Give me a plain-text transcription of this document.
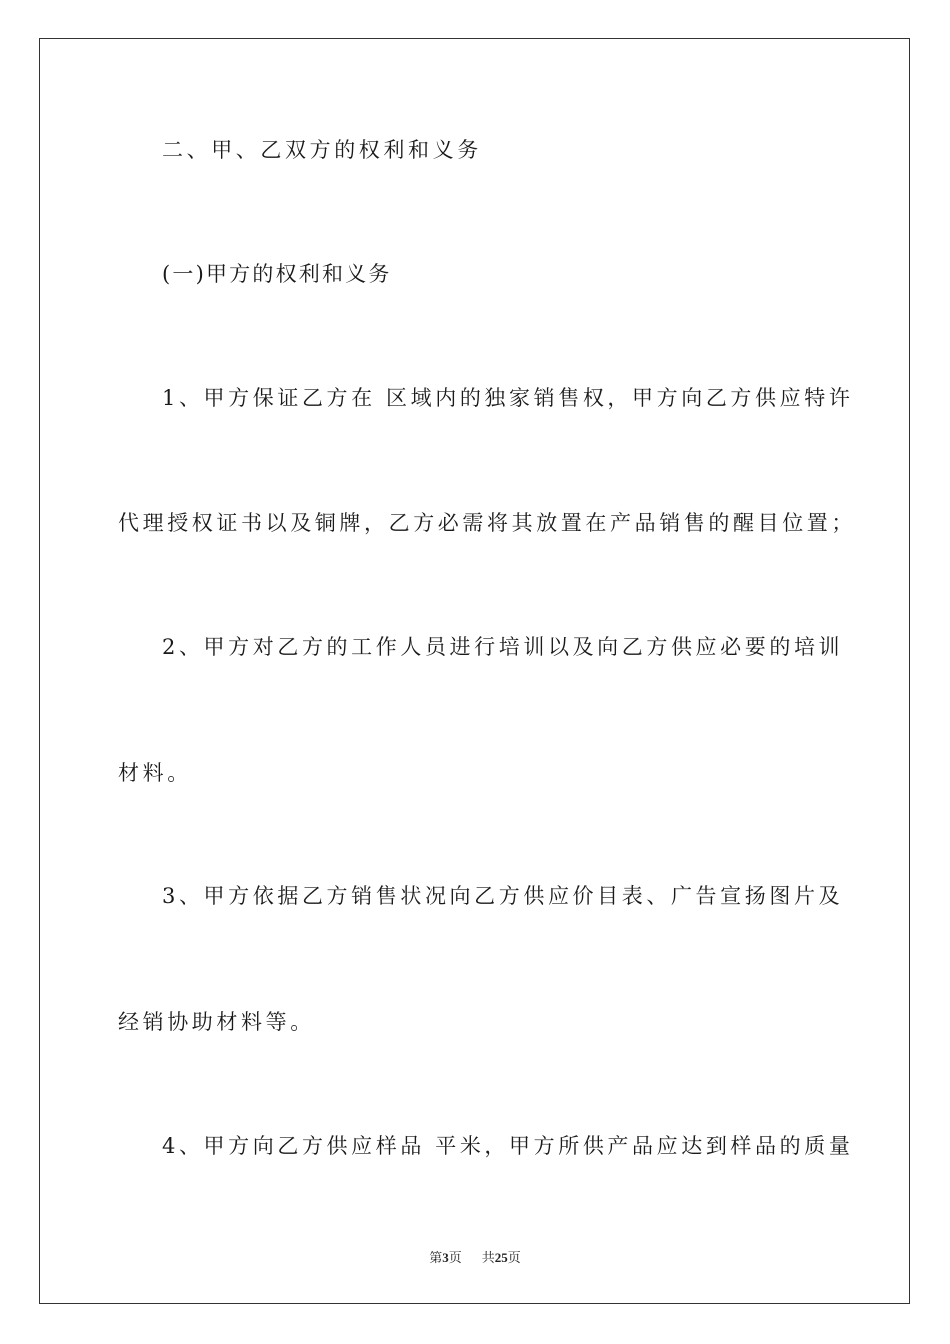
二、甲、乙双方的权利和义务
(一)甲方的权利和义务
1、甲方保证乙方在 区域内的独家销售权，甲方向乙方供应特许
代理授权证书以及铜牌，乙方必需将其放置在产品销售的醒目位置；
2、甲方对乙方的工作人员进行培训以及向乙方供应必要的培训
材料。
3、甲方依据乙方销售状况向乙方供应价目表、广告宣扬图片及
经销协助材料等。
4、甲方向乙方供应样品 平米，甲方所供产品应达到样品的质量
第3页 共25页
